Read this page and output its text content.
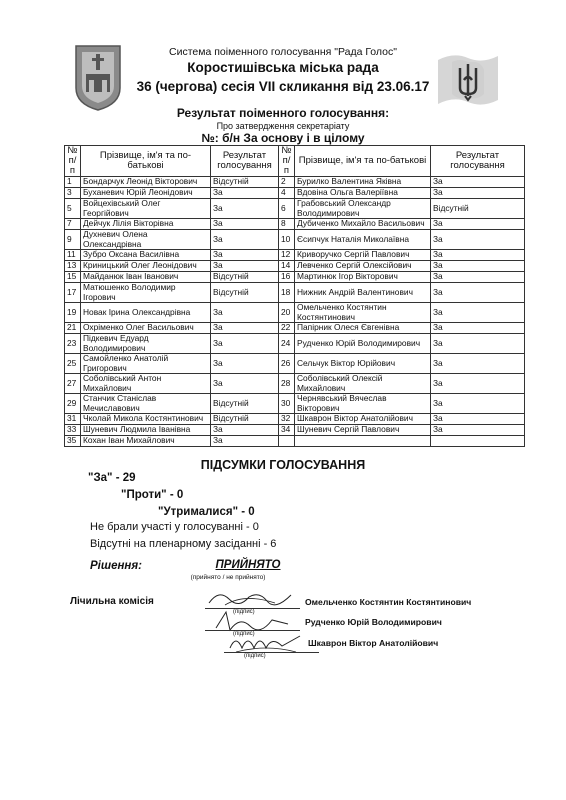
Система поіменного голосування "Рада Голос"
Коростишівська міська рада
36 (чергова) сесія VII скликання від 23.06.17
Результат поіменного голосування:
Про затвердження секретаріату
№: б/н За основу і в цілому
№ п/п	Прізвище, ім'я та по-батькові	Результат голосування	№ п/п	Прізвище, ім'я та по-батькові	Результат голосування
1	Бондарчук Леонід Вікторович	Відсутній	2	Бурилко Валентина Яківна	За
3	Буханевич Юрій Леонідович	За	4	Вдовіна Ольга Валеріївна	За
5	Войцехівський Олег Георгійович	За	6	Грабовський Олександр Володимирович	Відсутній
7	Дейчук Лілія Вікторівна	За	8	Дубиченко Михайло Васильович	За
9	Духневич Олена Олександрівна	За	10	Єсипчук Наталія Миколаївна	За
11	Зубро Оксана Василівна	За	12	Криворучко Сергій Павлович	За
13	Криницький Олег Леонідович	За	14	Левченко Сергій Олексійович	За
15	Майданюк Іван Іванович	Відсутній	16	Мартинюк Ігор Вікторович	За
17	Матюшенко Володимир Ігорович	Відсутній	18	Нижник Андрій Валентинович	За
19	Новак Ірина Олександрівна	За	20	Омельченко Костянтин Костянтинович	За
21	Охріменко Олег Васильович	За	22	Папірник Олеся Євгенівна	За
23	Підкевич Едуард Володимирович	За	24	Рудченко Юрій Володимирович	За
25	Самойленко Анатолій Григорович	За	26	Сельчук Віктор Юрійович	За
27	Соболівський Антон Михайлович	За	28	Соболівський Олексій Михайлович	За
29	Станчик Станіслав Мечиславович	Відсутній	30	Чернявський Вячеслав Вікторович	За
31	Чколай Микола Костянтинович	Відсутній	32	Шкаврон Віктор Анатолійович	За
33	Шуневич Людмила Іванівна	За	34	Шуневич Сергій Павлович	За
35	Кохан Іван Михайлович	За			
ПІДСУМКИ ГОЛОСУВАННЯ
"За" - 29
"Проти" - 0
"Утрималися" - 0
Не брали участі у голосуванні - 0
Відсутні на пленарному засіданні - 6
Рішення:	ПРИЙНЯТО
(прийнято / не прийнято)
Лічильна комісія
(підпис)
Омельченко Костянтин Костянтинович
(підпис)
Рудченко Юрій Володимирович
(підпис)
Шкаврон Віктор Анатолійович
